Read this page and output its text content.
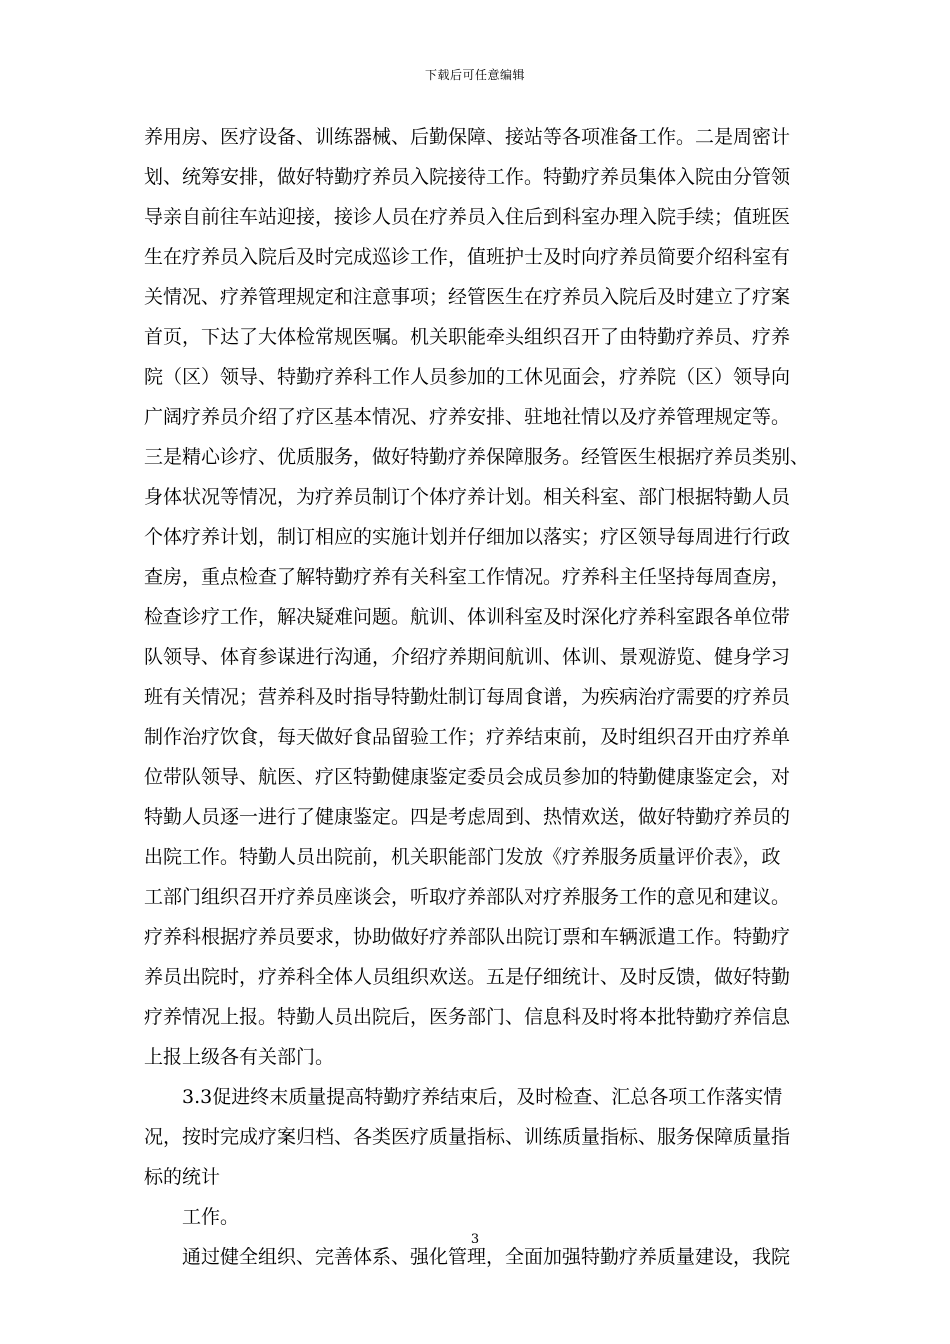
下载后可任意编辑
养用房、医疗设备、训练器械、后勤保障、接站等各项准备工作。二是周密计
划、统筹安排，做好特勤疗养员入院接待工作。特勤疗养员集体入院由分管领
导亲自前往车站迎接，接诊人员在疗养员入住后到科室办理入院手续；值班医
生在疗养员入院后及时完成巡诊工作，值班护士及时向疗养员简要介绍科室有
关情况、疗养管理规定和注意事项；经管医生在疗养员入院后及时建立了疗案
首页，下达了大体检常规医嘱。机关职能牵头组织召开了由特勤疗养员、疗养
院（区）领导、特勤疗养科工作人员参加的工休见面会，疗养院（区）领导向
广阔疗养员介绍了疗区基本情况、疗养安排、驻地社情以及疗养管理规定等。
三是精心诊疗、优质服务，做好特勤疗养保障服务。经管医生根据疗养员类别、
身体状况等情况，为疗养员制订个体疗养计划。相关科室、部门根据特勤人员
个体疗养计划，制订相应的实施计划并仔细加以落实；疗区领导每周进行行政
查房，重点检查了解特勤疗养有关科室工作情况。疗养科主任坚持每周查房，
检查诊疗工作，解决疑难问题。航训、体训科室及时深化疗养科室跟各单位带
队领导、体育参谋进行沟通，介绍疗养期间航训、体训、景观游览、健身学习
班有关情况；营养科及时指导特勤灶制订每周食谱，为疾病治疗需要的疗养员
制作治疗饮食，每天做好食品留验工作；疗养结束前，及时组织召开由疗养单
位带队领导、航医、疗区特勤健康鉴定委员会成员参加的特勤健康鉴定会，对
特勤人员逐一进行了健康鉴定。四是考虑周到、热情欢送，做好特勤疗养员的
出院工作。特勤人员出院前，机关职能部门发放《疗养服务质量评价表》，政
工部门组织召开疗养员座谈会，听取疗养部队对疗养服务工作的意见和建议。
疗养科根据疗养员要求，协助做好疗养部队出院订票和车辆派遣工作。特勤疗
养员出院时，疗养科全体人员组织欢送。五是仔细统计、及时反馈，做好特勤
疗养情况上报。特勤人员出院后，医务部门、信息科及时将本批特勤疗养信息
上报上级各有关部门。
3.3促进终末质量提高特勤疗养结束后，及时检查、汇总各项工作落实情
况，按时完成疗案归档、各类医疗质量指标、训练质量指标、服务保障质量指
标的统计
工作。
通过健全组织、完善体系、强化管理，全面加强特勤疗养质量建设，我院
3
